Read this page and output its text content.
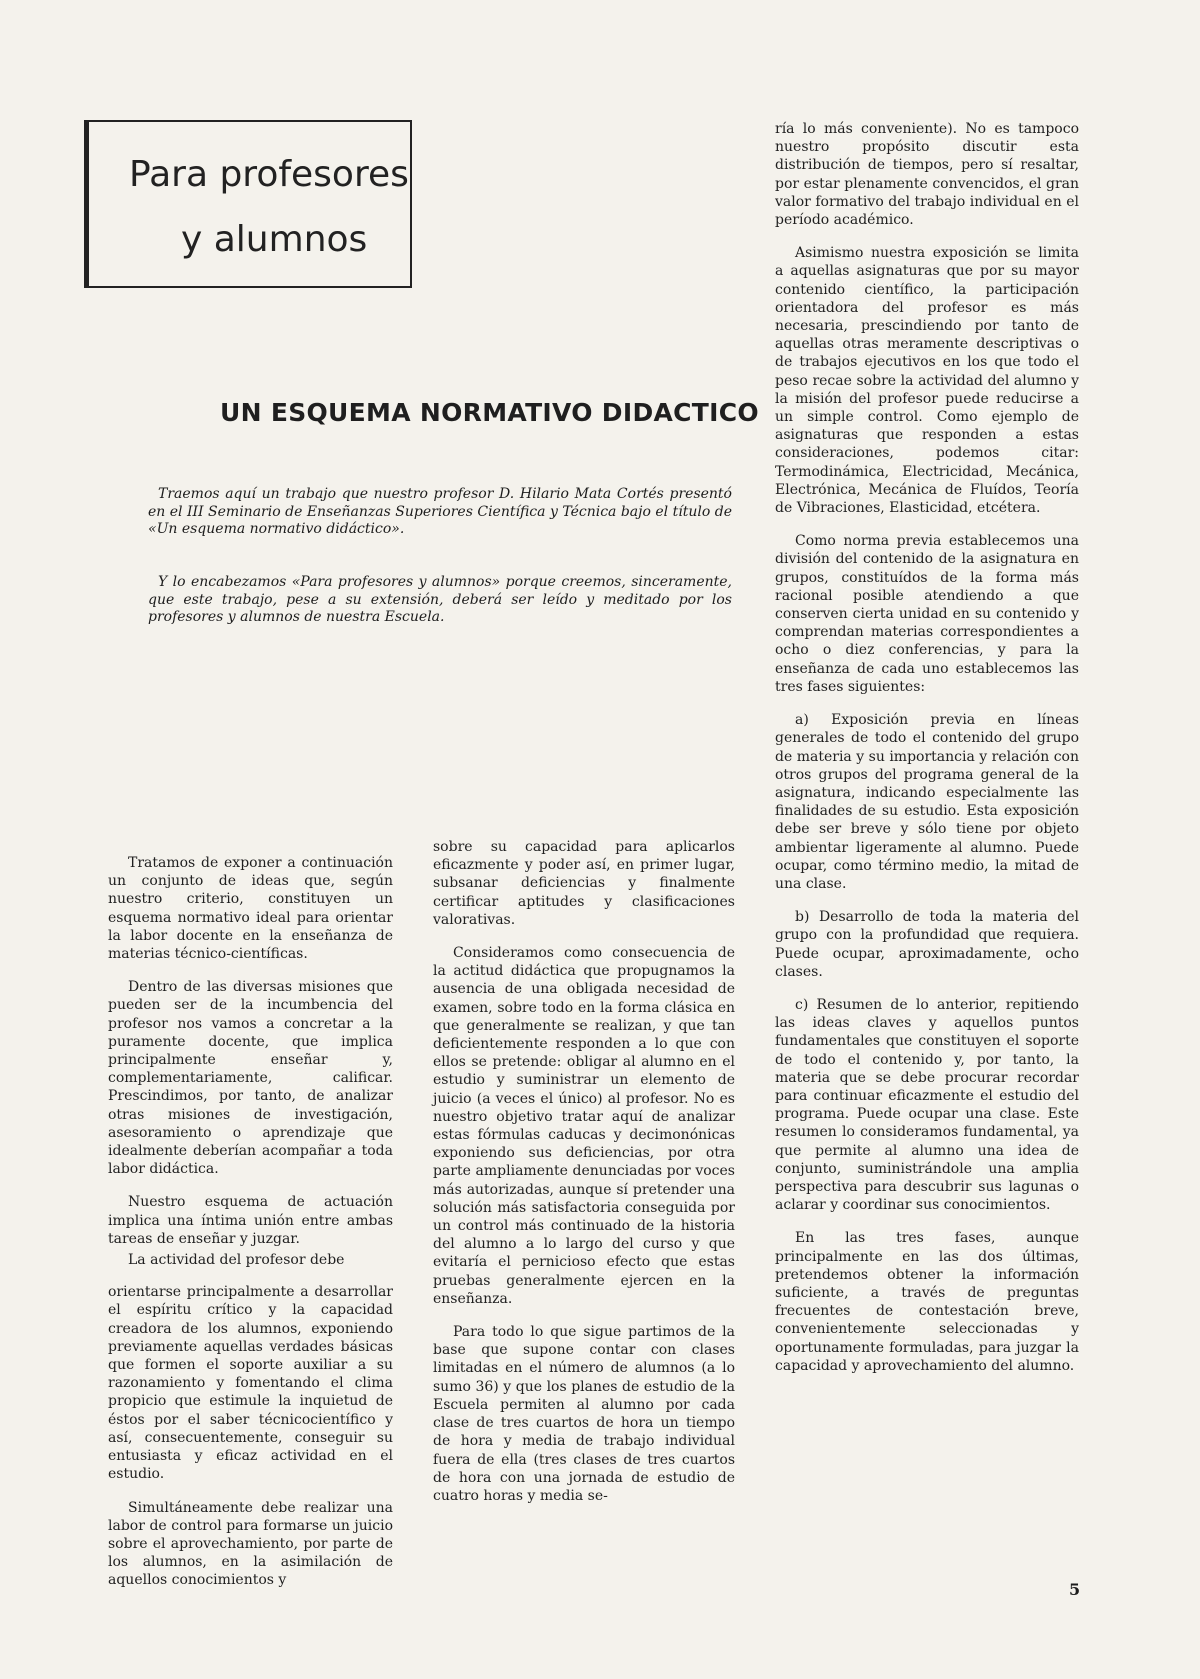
Para profesores
y alumnos
UN ESQUEMA NORMATIVO DIDACTICO

Traemos aquí un trabajo que nuestro profesor D. Hilario Mata Cortés presentó en el III Seminario de Enseñanzas Superiores Científica y Técnica bajo el título de «Un esquema normativo didáctico».

Y lo encabezamos «Para profesores y alumnos» porque creemos, sinceramente, que este trabajo, pese a su extensión, deberá ser leído y meditado por los profesores y alumnos de nuestra Escuela.

Tratamos de exponer a continuación un conjunto de ideas que, según nuestro criterio, constituyen un esquema normativo ideal para orientar la labor docente en la enseñanza de materias técnico-científicas.

Dentro de las diversas misiones que pueden ser de la incumbencia del profesor nos vamos a concretar a la puramente docente, que implica principalmente enseñar y, complementariamente, calificar. Prescindimos, por tanto, de analizar otras misiones de investigación, asesoramiento o aprendizaje que idealmente deberían acompañar a toda labor didáctica.

Nuestro esquema de actuación implica una íntima unión entre ambas tareas de enseñar y juzgar.

La actividad del profesor debe

orientarse principalmente a desarrollar el espíritu crítico y la capacidad creadora de los alumnos, exponiendo previamente aquellas verdades básicas que formen el soporte auxiliar a su razonamiento y fomentando el clima propicio que estimule la inquietud de éstos por el saber técnicocientífico y así, consecuentemente, conseguir su entusiasta y eficaz actividad en el estudio.

Simultáneamente debe realizar una labor de control para formarse un juicio sobre el aprovechamiento, por parte de los alumnos, en la asimilación de aquellos conocimientos y

sobre su capacidad para aplicarlos eficazmente y poder así, en primer lugar, subsanar deficiencias y finalmente certificar aptitudes y clasificaciones valorativas.

Consideramos como consecuencia de la actitud didáctica que propugnamos la ausencia de una obligada necesidad de examen, sobre todo en la forma clásica en que generalmente se realizan, y que tan deficientemente responden a lo que con ellos se pretende: obligar al alumno en el estudio y suministrar un elemento de juicio (a veces el único) al profesor. No es nuestro objetivo tratar aquí de analizar estas fórmulas caducas y decimonónicas exponiendo sus deficiencias, por otra parte ampliamente denunciadas por voces más autorizadas, aunque sí pretender una solución más satisfactoria conseguida por un control más continuado de la historia del alumno a lo largo del curso y que evitaría el pernicioso efecto que estas pruebas generalmente ejercen en la enseñanza.

Para todo lo que sigue partimos de la base que supone contar con clases limitadas en el número de alumnos (a lo sumo 36) y que los planes de estudio de la Escuela permiten al alumno por cada clase de tres cuartos de hora un tiempo de hora y media de trabajo individual fuera de ella (tres clases de tres cuartos de hora con una jornada de estudio de cuatro horas y media se-

ría lo más conveniente). No es tampoco nuestro propósito discutir esta distribución de tiempos, pero sí resaltar, por estar plenamente convencidos, el gran valor formativo del trabajo individual en el período académico.

Asimismo nuestra exposición se limita a aquellas asignaturas que por su mayor contenido científico, la participación orientadora del profesor es más necesaria, prescindiendo por tanto de aquellas otras meramente descriptivas o de trabajos ejecutivos en los que todo el peso recae sobre la actividad del alumno y la misión del profesor puede reducirse a un simple control. Como ejemplo de asignaturas que responden a estas consideraciones, podemos citar: Termodinámica, Electricidad, Mecánica, Electrónica, Mecánica de Fluídos, Teoría de Vibraciones, Elasticidad, etcétera.

Como norma previa establecemos una división del contenido de la asignatura en grupos, constituídos de la forma más racional posible atendiendo a que conserven cierta unidad en su contenido y comprendan materias correspondientes a ocho o diez conferencias, y para la enseñanza de cada uno establecemos las tres fases siguientes:

a) Exposición previa en líneas generales de todo el contenido del grupo de materia y su importancia y relación con otros grupos del programa general de la asignatura, indicando especialmente las finalidades de su estudio. Esta exposición debe ser breve y sólo tiene por objeto ambientar ligeramente al alumno. Puede ocupar, como término medio, la mitad de una clase.

b) Desarrollo de toda la materia del grupo con la profundidad que requiera. Puede ocupar, aproximadamente, ocho clases.

c) Resumen de lo anterior, repitiendo las ideas claves y aquellos puntos fundamentales que constituyen el soporte de todo el contenido y, por tanto, la materia que se debe procurar recordar para continuar eficazmente el estudio del programa. Puede ocupar una clase. Este resumen lo consideramos fundamental, ya que permite al alumno una idea de conjunto, suministrándole una amplia perspectiva para descubrir sus lagunas o aclarar y coordinar sus conocimientos.

En las tres fases, aunque principalmente en las dos últimas, pretendemos obtener la información suficiente, a través de preguntas frecuentes de contestación breve, convenientemente seleccionadas y oportunamente formuladas, para juzgar la capacidad y aprovechamiento del alumno.

5
